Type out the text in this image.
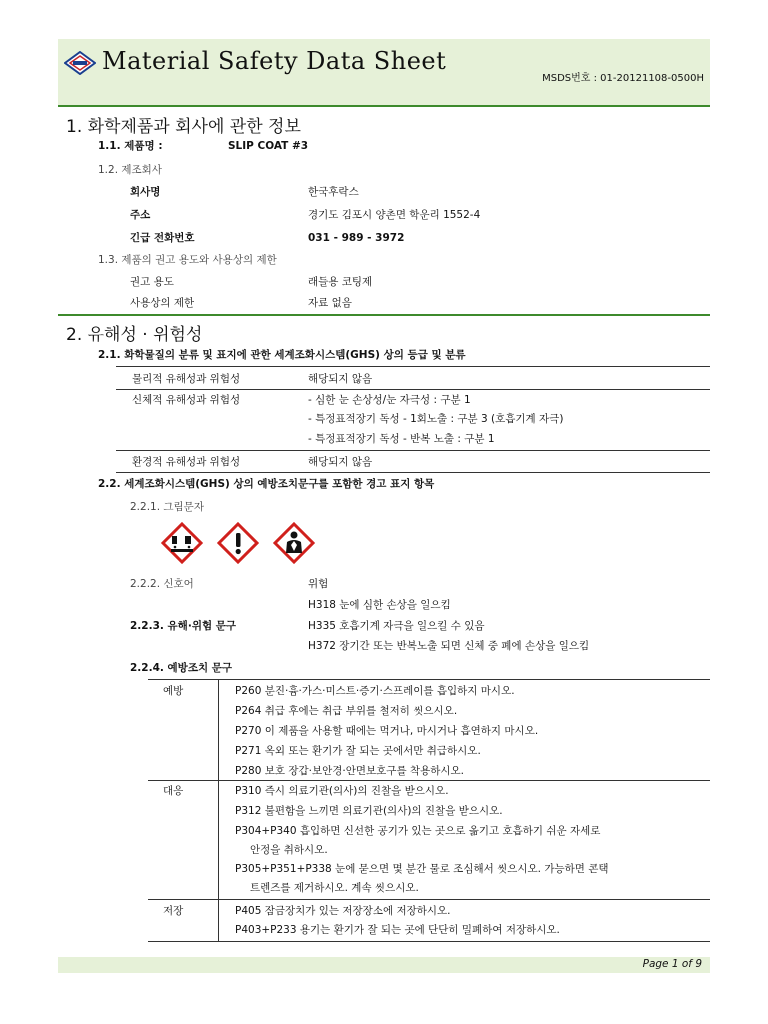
Material Safety Data Sheet
MSDS번호 : 01-20121108-0500H
1. 화학제품과 회사에 관한 정보
1.1. 제품명 :	SLIP COAT #3
1.2. 제조회사
회사명	한국후락스
주소	경기도 김포시 양촌면 학운리 1552-4
긴급 전화번호	031 - 989 - 3972
1.3. 제품의 권고 용도와 사용상의 제한
권고 용도	래들용 코팅제
사용상의 제한	자료 없음
2. 유해성 · 위험성
2.1. 화학물질의 분류 및 표지에 관한 세계조화시스템(GHS) 상의 등급 및 분류
물리적 유해성과 위험성	해당되지 않음
신체적 유해성과 위험성	- 심한 눈 손상성/눈 자극성 : 구분 1
- 특정표적장기 독성 - 1회노출 : 구분 3 (호흡기계 자극)
- 특정표적장기 독성 - 반복 노출 : 구분 1
환경적 유해성과 위험성	해당되지 않음
2.2. 세계조화시스템(GHS) 상의 예방조치문구를 포함한 경고 표지 항목
2.2.1. 그림문자
2.2.2. 신호어	위험
H318 눈에 심한 손상을 일으킴
2.2.3. 유해·위험 문구	H335 호흡기계 자극을 일으킬 수 있음
H372 장기간 또는 반복노출 되면 신체 중 폐에 손상을 일으킴
2.2.4. 예방조치 문구
예방	P260 분진·흄·가스·미스트·증기·스프레이를 흡입하지 마시오.
P264 취급 후에는 취급 부위를 철저히 씻으시오.
P270 이 제품을 사용할 때에는 먹거나, 마시거나 흡연하지 마시오.
P271 옥외 또는 환기가 잘 되는 곳에서만 취급하시오.
P280 보호 장갑·보안경·안면보호구를 착용하시오.
대응	P310 즉시 의료기관(의사)의 진찰을 받으시오.
P312 불편함을 느끼면 의료기관(의사)의 진찰을 받으시오.
P304+P340 흡입하면 신선한 공기가 있는 곳으로 옮기고 호흡하기 쉬운 자세로
안정을 취하시오.
P305+P351+P338 눈에 묻으면 몇 분간 물로 조심해서 씻으시오. 가능하면 콘택
트렌즈를 제거하시오. 계속 씻으시오.
저장	P405 잠금장치가 있는 저장장소에 저장하시오.
P403+P233 용기는 환기가 잘 되는 곳에 단단히 밀폐하여 저장하시오.
Page 1 of 9
